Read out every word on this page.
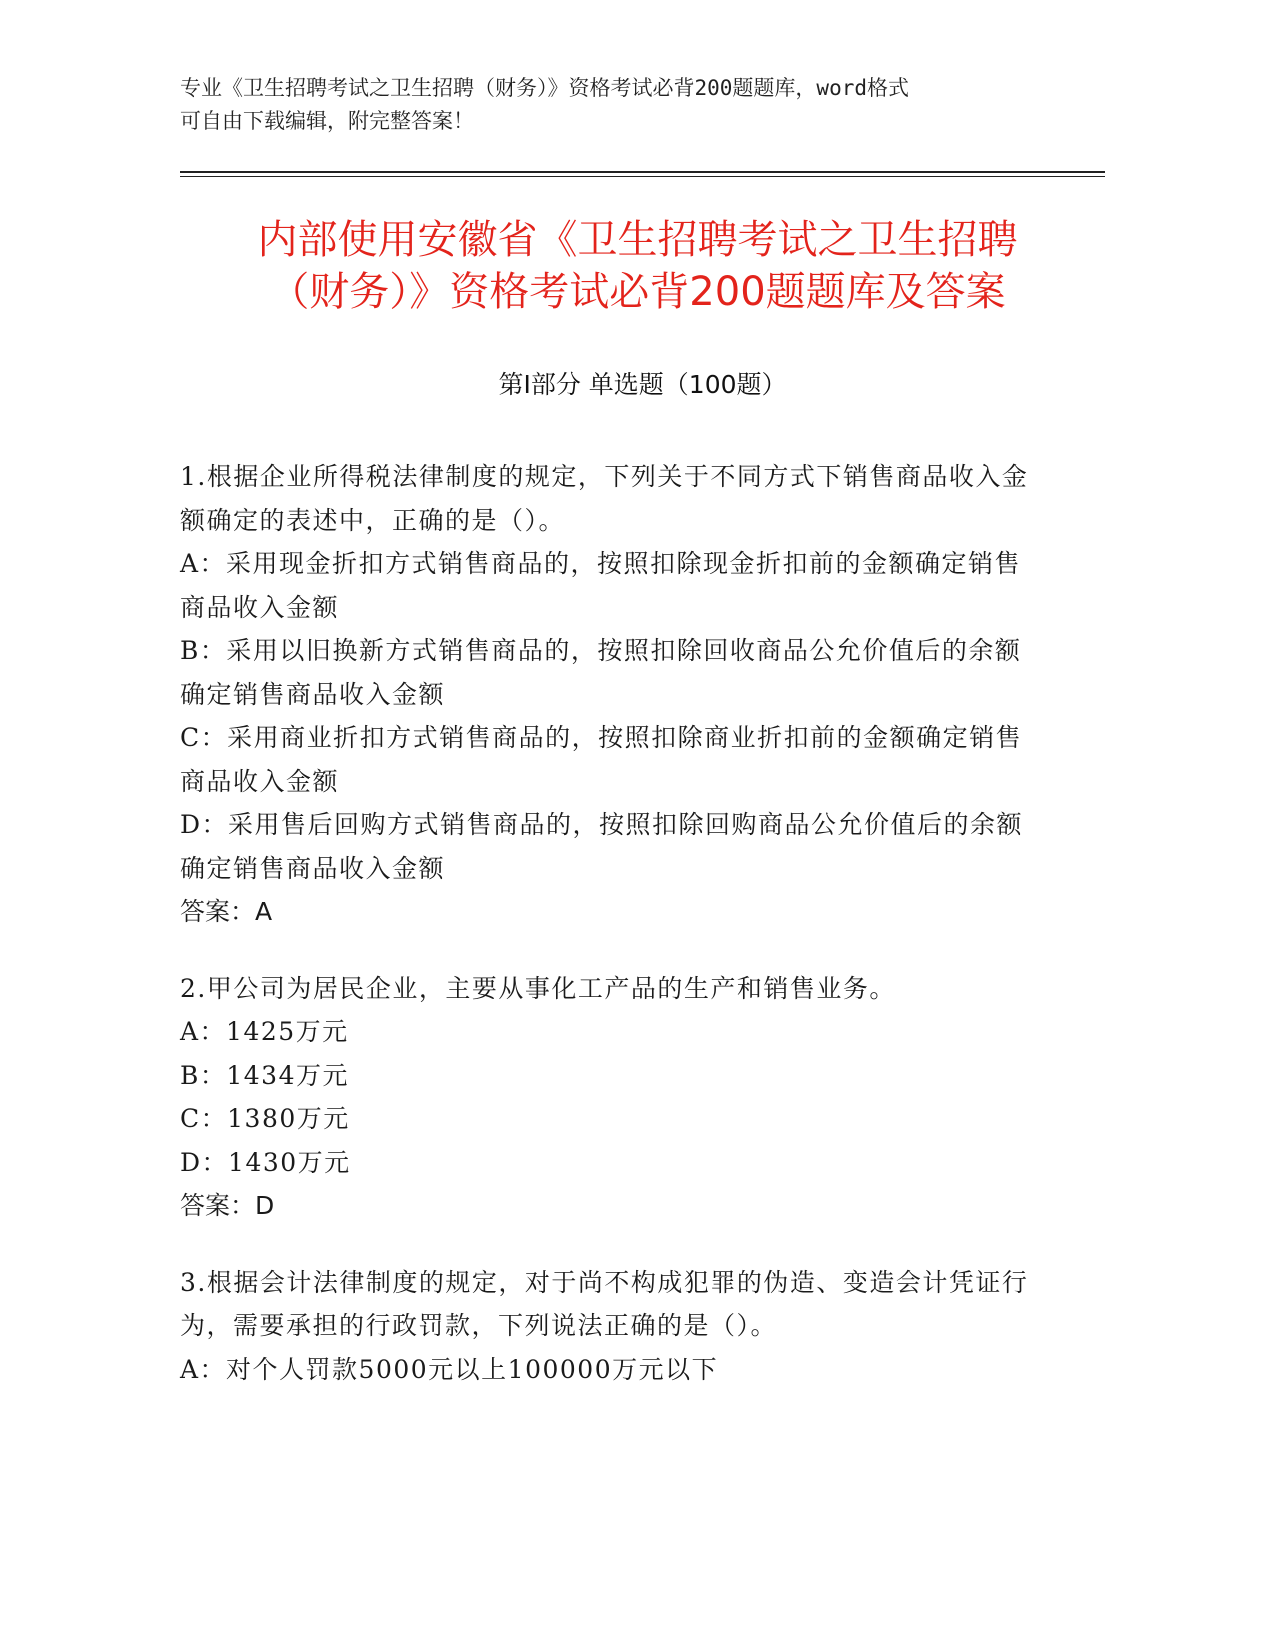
专业《卫生招聘考试之卫生招聘（财务）》资格考试必背200题题库，word格式
可自由下载编辑，附完整答案！
内部使用安徽省《卫生招聘考试之卫生招聘
（财务）》资格考试必背200题题库及答案
第Ⅰ部分 单选题（100题）

1.根据企业所得税法律制度的规定，下列关于不同方式下销售商品收入金额确定的表述中，正确的是（）。

A：采用现金折扣方式销售商品的，按照扣除现金折扣前的金额确定销售商品收入金额

B：采用以旧换新方式销售商品的，按照扣除回收商品公允价值后的余额确定销售商品收入金额

C：采用商业折扣方式销售商品的，按照扣除商业折扣前的金额确定销售商品收入金额

D：采用售后回购方式销售商品的，按照扣除回购商品公允价值后的余额确定销售商品收入金额

答案：A

2.甲公司为居民企业，主要从事化工产品的生产和销售业务。

A：1425万元

B：1434万元

C：1380万元

D：1430万元

答案：D

3.根据会计法律制度的规定，对于尚不构成犯罪的伪造、变造会计凭证行为，需要承担的行政罚款，下列说法正确的是（）。

A：对个人罚款5000元以上100000万元以下
